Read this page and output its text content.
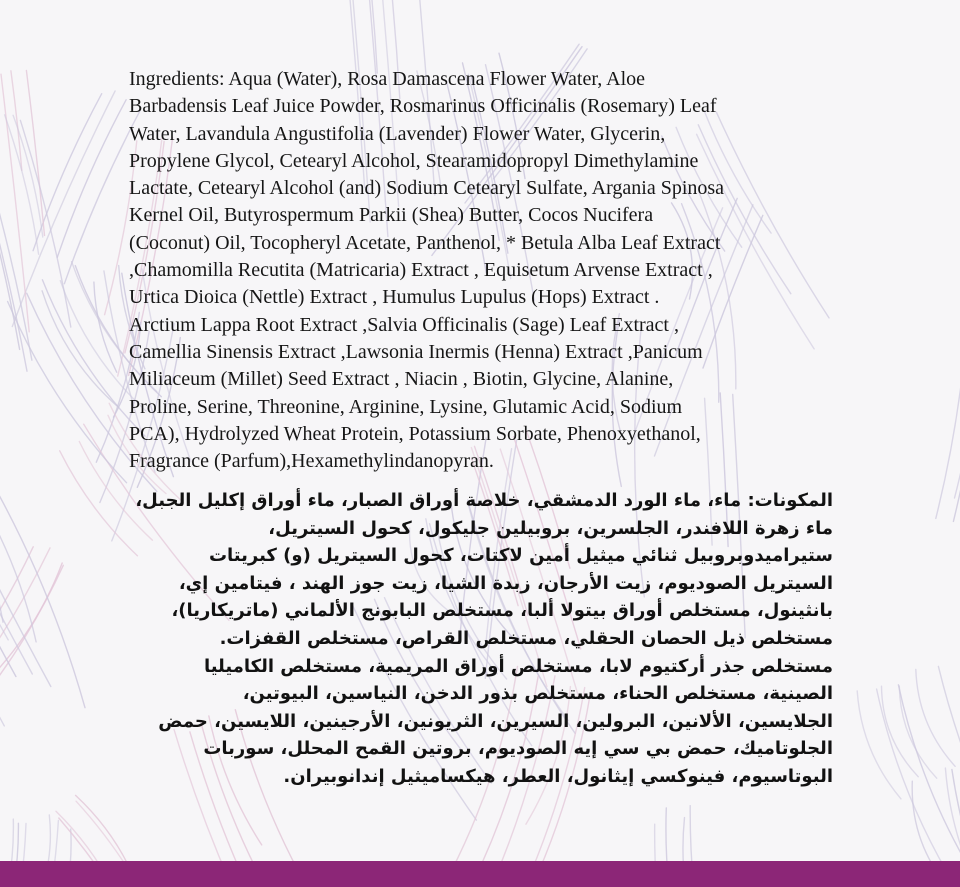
Ingredients: Aqua (Water), Rosa Damascena Flower Water, Aloe
Barbadensis Leaf Juice Powder, Rosmarinus Officinalis (Rosemary) Leaf
Water, Lavandula Angustifolia (Lavender) Flower Water, Glycerin,
Propylene Glycol, Cetearyl Alcohol, Stearamidopropyl Dimethylamine
Lactate, Cetearyl Alcohol (and) Sodium Cetearyl Sulfate, Argania Spinosa
Kernel Oil, Butyrospermum Parkii (Shea) Butter, Cocos Nucifera
(Coconut) Oil, Tocopheryl Acetate, Panthenol, * Betula Alba Leaf Extract
,Chamomilla Recutita (Matricaria) Extract , Equisetum Arvense Extract ,
Urtica Dioica (Nettle) Extract , Humulus Lupulus (Hops) Extract .
Arctium Lappa Root Extract ,Salvia Officinalis (Sage) Leaf Extract ,
Camellia Sinensis Extract ,Lawsonia Inermis (Henna) Extract ,Panicum
Miliaceum (Millet) Seed Extract , Niacin , Biotin, Glycine, Alanine,
Proline, Serine, Threonine, Arginine, Lysine, Glutamic Acid, Sodium
PCA), Hydrolyzed Wheat Protein, Potassium Sorbate, Phenoxyethanol,
Fragrance (Parfum),Hexamethylindanopyran.
المكونات: ماء، ماء الورد الدمشقي، خلاصة أوراق الصبار، ماء أوراق إكليل الجبل،
ماء زهرة اللافندر، الجلسرين، بروبيلين جليكول، كحول السيتريل،
ستيراميدوبروبيل ثنائي ميثيل أمين لاكتات، كحول السيتريل (و) كبريتات
السيتريل الصوديوم، زيت الأرجان، زبدة الشيا، زيت جوز الهند ، فيتامين إي،
بانثينول، مستخلص أوراق بيتولا ألبا، مستخلص البابونج الألماني (ماتريكاريا)،
مستخلص ذيل الحصان الحقلي، مستخلص القراص، مستخلص القفزات.
مستخلص جذر أركتيوم لابا، مستخلص أوراق المريمية، مستخلص الكاميليا
الصينية، مستخلص الحناء، مستخلص بذور الدخن، النياسين، البيوتين،
الجلايسين، الألانين، البرولين، السيرين، الثريونين، الأرجينين، اللايسين، حمض
الجلوتاميك، حمض بي سي إيه الصوديوم، بروتين القمح المحلل، سوربات
البوتاسيوم، فينوكسي إيثانول، العطر، هيكساميثيل إندانوبيران.
